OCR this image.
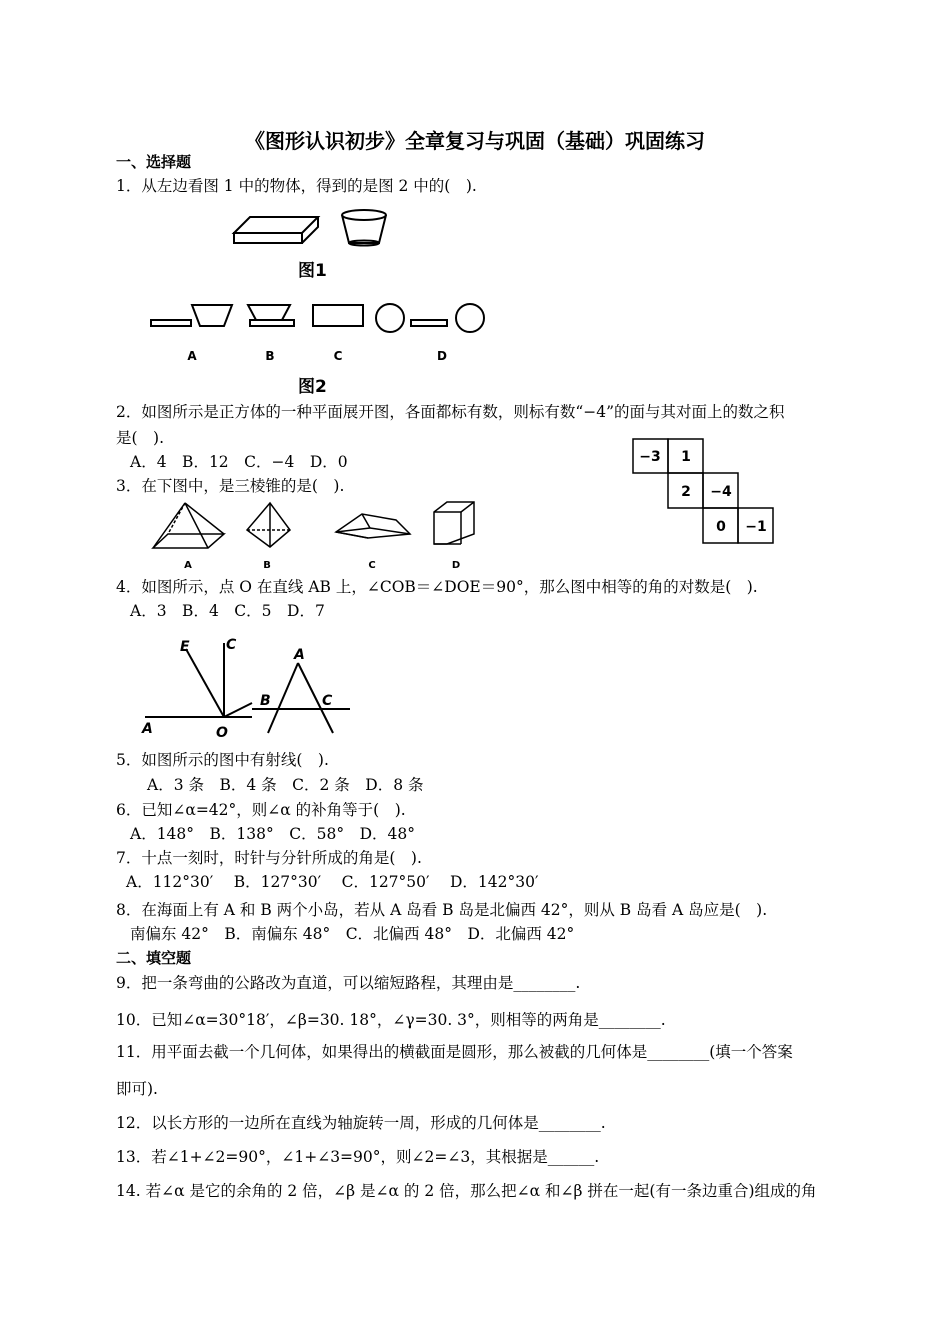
《图形认识初步》全章复习与巩固（基础）巩固练习
一、选择题
1．从左边看图 1 中的物体，得到的是图 2 中的(　).
图1
A	B	C	D
图2
2．如图所示是正方体的一种平面展开图，各面都标有数，则标有数“−4”的面与其对面上的数之积
是(　).
A．4　B．12　C．−4　D．0	−3 1
2 −4
0 −1
3．在下图中，是三棱锥的是(　).
A	B	C	D
4．如图所示，点 O 在直线 AB 上，∠COB＝∠DOE＝90°，那么图中相等的角的对数是(　).
A．3　B．4　C．5　D．7
E	C
A	O
A
B	C
5．如图所示的图中有射线(　).
A．3 条　B．4 条　C．2 条　D．8 条
6．已知∠α=42°，则∠α 的补角等于(　).
A．148°　B．138°　C．58°　D．48°
7．十点一刻时，时针与分针所成的角是(　).
A．112°30′　 B．127°30′　 C．127°50′　 D．142°30′
8．在海面上有 A 和 B 两个小岛，若从 A 岛看 B 岛是北偏西 42°，则从 B 岛看 A 岛应是(　).
南偏东 42°　B．南偏东 48°　C．北偏西 48°　D．北偏西 42°
二、填空题
9．把一条弯曲的公路改为直道，可以缩短路程，其理由是________.
10．已知∠α=30°18′，∠β=30. 18°，∠γ=30. 3°，则相等的两角是________.
11．用平面去截一个几何体，如果得出的横截面是圆形，那么被截的几何体是________(填一个答案
即可).
12．以长方形的一边所在直线为轴旋转一周，形成的几何体是________.
13．若∠1+∠2=90°，∠1+∠3=90°，则∠2=∠3，其根据是______.
14. 若∠α 是它的余角的 2 倍，∠β 是∠α 的 2 倍，那么把∠α 和∠β 拼在一起(有一条边重合)组成的角
